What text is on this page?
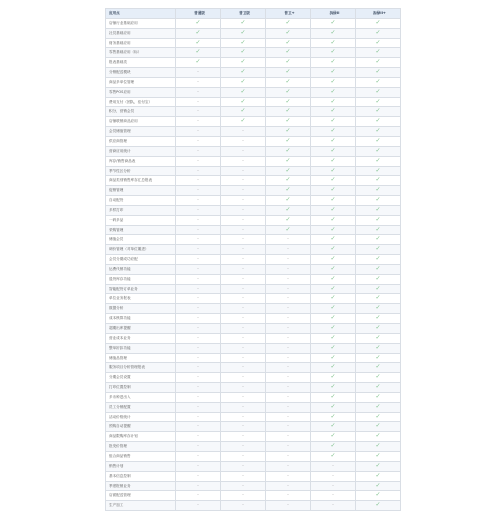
应用点	普通版	普卫版	普卫+	拆绿II	拆绿II+
店铺行业基础应用	✓	✓	✓	✓	✓
社员基础应用	✓	✓	✓	✓	✓
财务基础应用	✓	✓	✓	✓	✓
零售基础应用（标）	✓	✓	✓	✓	✓
报表基础类	✓	✓	✓	✓	✓
分销配送模块	–	✓	✓	✓	✓
商品多单位管理	–	✓	✓	✓	✓
零售POS应用	–	✓	✓	✓	✓
费用支付（团队，佳付宝）	–	✓	✓	✓	✓
积分，营销会员	–	✓	✓	✓	✓
店铺联销商品应用	–	✓	✓	✓	✓
会员储值管理	–	–	✓	✓	✓
供应商管理	–	–	✓	✓	✓
营商应用统计	–	–	✓	✓	✓
库存/销售商品表	–	–	✓	✓	✓
季节性区分析	–	–	✓	✓	✓
商品类别销售库存汇总报表	–	–	✓	✓	✓
促销管理	–	–	✓	✓	✓
自动配货	–	–	✓	✓	✓
多样打印	–	–	✓	✓	✓
一码多品	–	–	✓	✓	✓
采购管理	–	–	✓	✓	✓
储值会员	–	–	–	✓	✓
调价管理（对单位累进）	–	–	–	✓	✓
会员分期成功应配	–	–	–	✓	✓
运费代销功能	–	–	–	✓	✓
退货库存功能	–	–	–	✓	✓
智能配货订单业务	–	–	–	✓	✓
单位业务报表	–	–	–	✓	✓
数据分析	–	–	–	✓	✓
成本核算功能	–	–	–	✓	✓
超期出库提醒	–	–	–	✓	✓
营业成本业务	–	–	–	✓	✓
整单折扣功能	–	–	–	✓	✓
储值品管理	–	–	–	✓	✓
服务项目分析管理报表	–	–	–	✓	✓
分期会员设置	–	–	–	✓	✓
打印位置控制	–	–	–	✓	✓
多币种进出入	–	–	–	✓	✓
员工分销配置	–	–	–	✓	✓
活动价格统计	–	–	–	✓	✓
预购自动提醒	–	–	–	✓	✓
商品限购库存计划	–	–	–	✓	✓
批发价管理	–	–	–	✓	✓
组合商品销售	–	–	–	✓	✓
销售计划	–	–	–	–	✓
基本信息控制	–	–	–	–	✓
季度报销业务	–	–	–	–	✓
店面配送管理	–	–	–	–	✓
生产加工	–	–	–	–	✓
